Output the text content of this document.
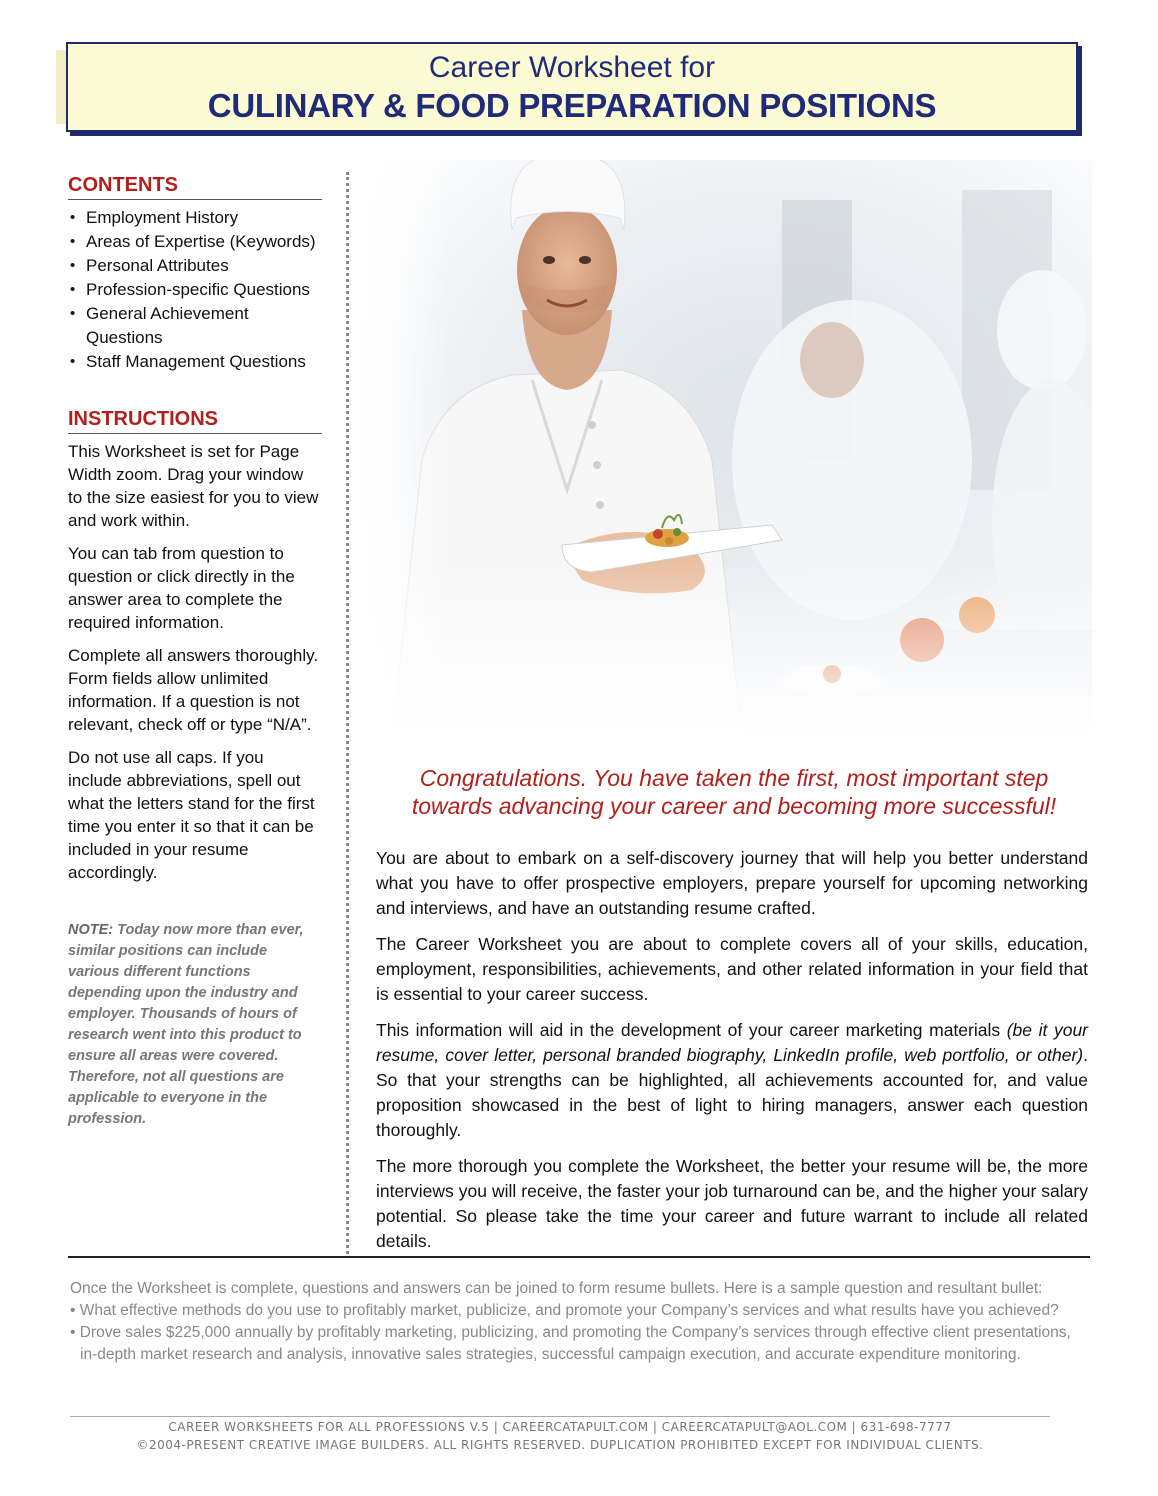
Career Worksheet for
CULINARY & FOOD PREPARATION POSITIONS
CONTENTS
• Employment History
• Areas of Expertise (Keywords)
• Personal Attributes
• Profession-specific Questions
• General Achievement Questions
• Staff Management Questions
INSTRUCTIONS

This Worksheet is set for Page Width zoom. Drag your window to the size easiest for you to view and work within.

You can tab from question to question or click directly in the answer area to complete the required information.

Complete all answers thoroughly. Form fields allow unlimited information. If a question is not relevant, check off or type “N/A”.

Do not use all caps. If you include abbreviations, spell out what the letters stand for the first time you enter it so that it can be included in your resume accordingly.

NOTE: Today now more than ever, similar positions can include various different functions depending upon the industry and employer. Thousands of hours of research went into this product to ensure all areas were covered. Therefore, not all questions are applicable to everyone in the profession.
Congratulations. You have taken the first, most important step
towards advancing your career and becoming more successful!

You are about to embark on a self-discovery journey that will help you better understand what you have to offer prospective employers, prepare yourself for upcoming networking and interviews, and have an outstanding resume crafted.

The Career Worksheet you are about to complete covers all of your skills, education, employment, responsibilities, achievements, and other related information in your field that is essential to your career success.

This information will aid in the development of your career marketing materials (be it your resume, cover letter, personal branded biography, LinkedIn profile, web portfolio, or other). So that your strengths can be highlighted, all achievements accounted for, and value proposition showcased in the best of light to hiring managers, answer each question thoroughly.

The more thorough you complete the Worksheet, the better your resume will be, the more interviews you will receive, the faster your job turnaround can be, and the higher your salary potential. So please take the time your career and future warrant to include all related details.

Once the Worksheet is complete, questions and answers can be joined to form resume bullets. Here is a sample question and resultant bullet:
• What effective methods do you use to profitably market, publicize, and promote your Company’s services and what results have you achieved?
• Drove sales $225,000 annually by profitably marketing, publicizing, and promoting the Company’s services through effective client presentations,
in-depth market research and analysis, innovative sales strategies, successful campaign execution, and accurate expenditure monitoring.
CAREER WORKSHEETS FOR ALL PROFESSIONS V.5 | CAREERCATAPULT.COM | CAREERCATAPULT@AOL.COM | 631-698-7777
©2004-PRESENT CREATIVE IMAGE BUILDERS. ALL RIGHTS RESERVED. DUPLICATION PROHIBITED EXCEPT FOR INDIVIDUAL CLIENTS.
